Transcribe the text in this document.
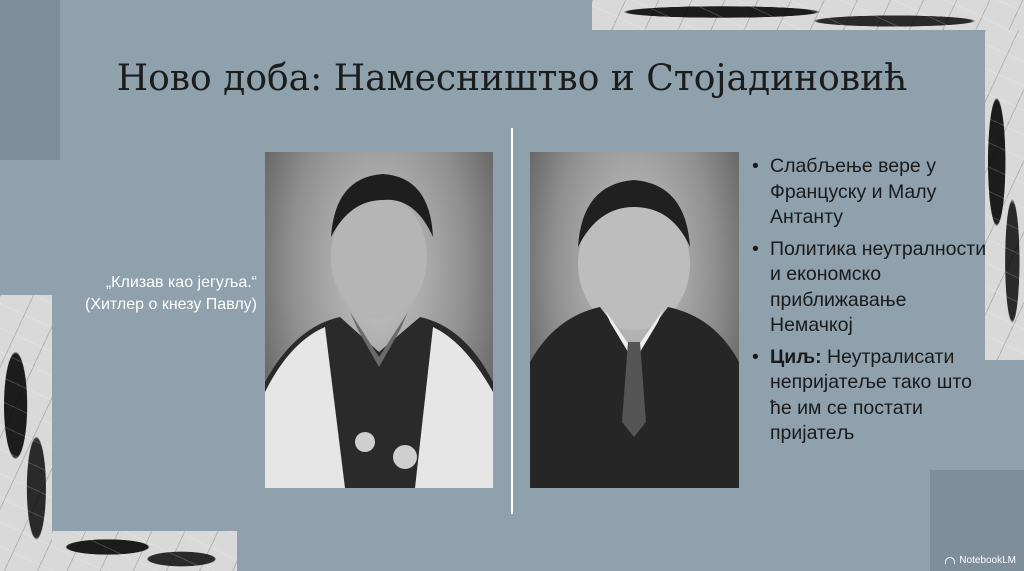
Ново доба: Намесништво и Стојадиновић
„Клизав као јегуља.“
(Хитлер о кнезу Павлу)
• Слабљење вере у Француску и Малу Антанту
• Политика неутралности и економско приближавање Немачкој
• Циљ: Неутралисати непријатеље тако што ће им се постати пријатељ
NotebookLM
